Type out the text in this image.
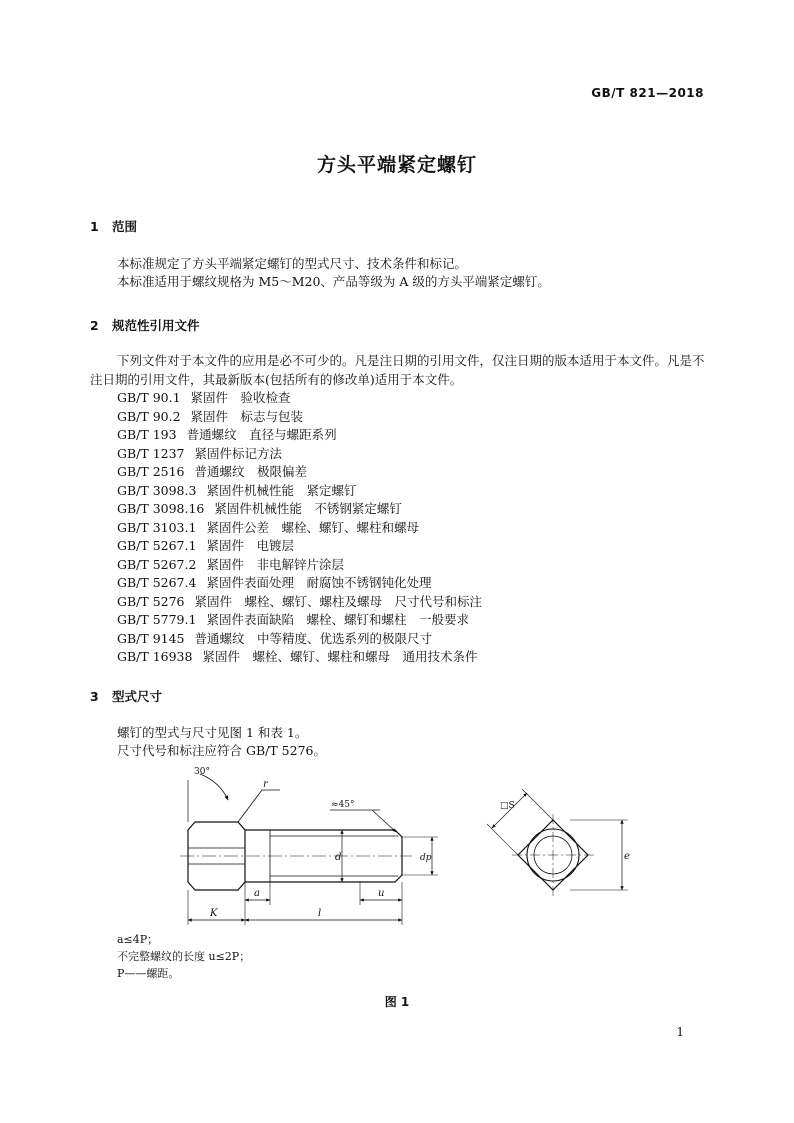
GB/T 821—2018
方头平端紧定螺钉
1 范围
本标准规定了方头平端紧定螺钉的型式尺寸、技术条件和标记。
本标准适用于螺纹规格为 M5～M20、产品等级为 A 级的方头平端紧定螺钉。
2 规范性引用文件
下列文件对于本文件的应用是必不可少的。凡是注日期的引用文件，仅注日期的版本适用于本文件。凡是不注日期的引用文件，其最新版本(包括所有的修改单)适用于本文件。
GB/T 90.1 紧固件　验收检查
GB/T 90.2 紧固件　标志与包装
GB/T 193 普通螺纹　直径与螺距系列
GB/T 1237 紧固件标记方法
GB/T 2516 普通螺纹　极限偏差
GB/T 3098.3 紧固件机械性能　紧定螺钉
GB/T 3098.16 紧固件机械性能　不锈钢紧定螺钉
GB/T 3103.1 紧固件公差　螺栓、螺钉、螺柱和螺母
GB/T 5267.1 紧固件　电镀层
GB/T 5267.2 紧固件　非电解锌片涂层
GB/T 5267.4 紧固件表面处理　耐腐蚀不锈钢钝化处理
GB/T 5276 紧固件　螺栓、螺钉、螺柱及螺母　尺寸代号和标注
GB/T 5779.1 紧固件表面缺陷　螺栓、螺钉和螺柱　一般要求
GB/T 9145 普通螺纹　中等精度、优选系列的极限尺寸
GB/T 16938 紧固件　螺栓、螺钉、螺柱和螺母　通用技术条件
3 型式尺寸
螺钉的型式与尺寸见图 1 和表 1。
尺寸代号和标注应符合 GB/T 5276。
30°
r
≈45°
d	dp
a	u
K	l
□S
e
a≤4P；
不完整螺纹的长度 u≤2P；
P——螺距。
图 1
1
